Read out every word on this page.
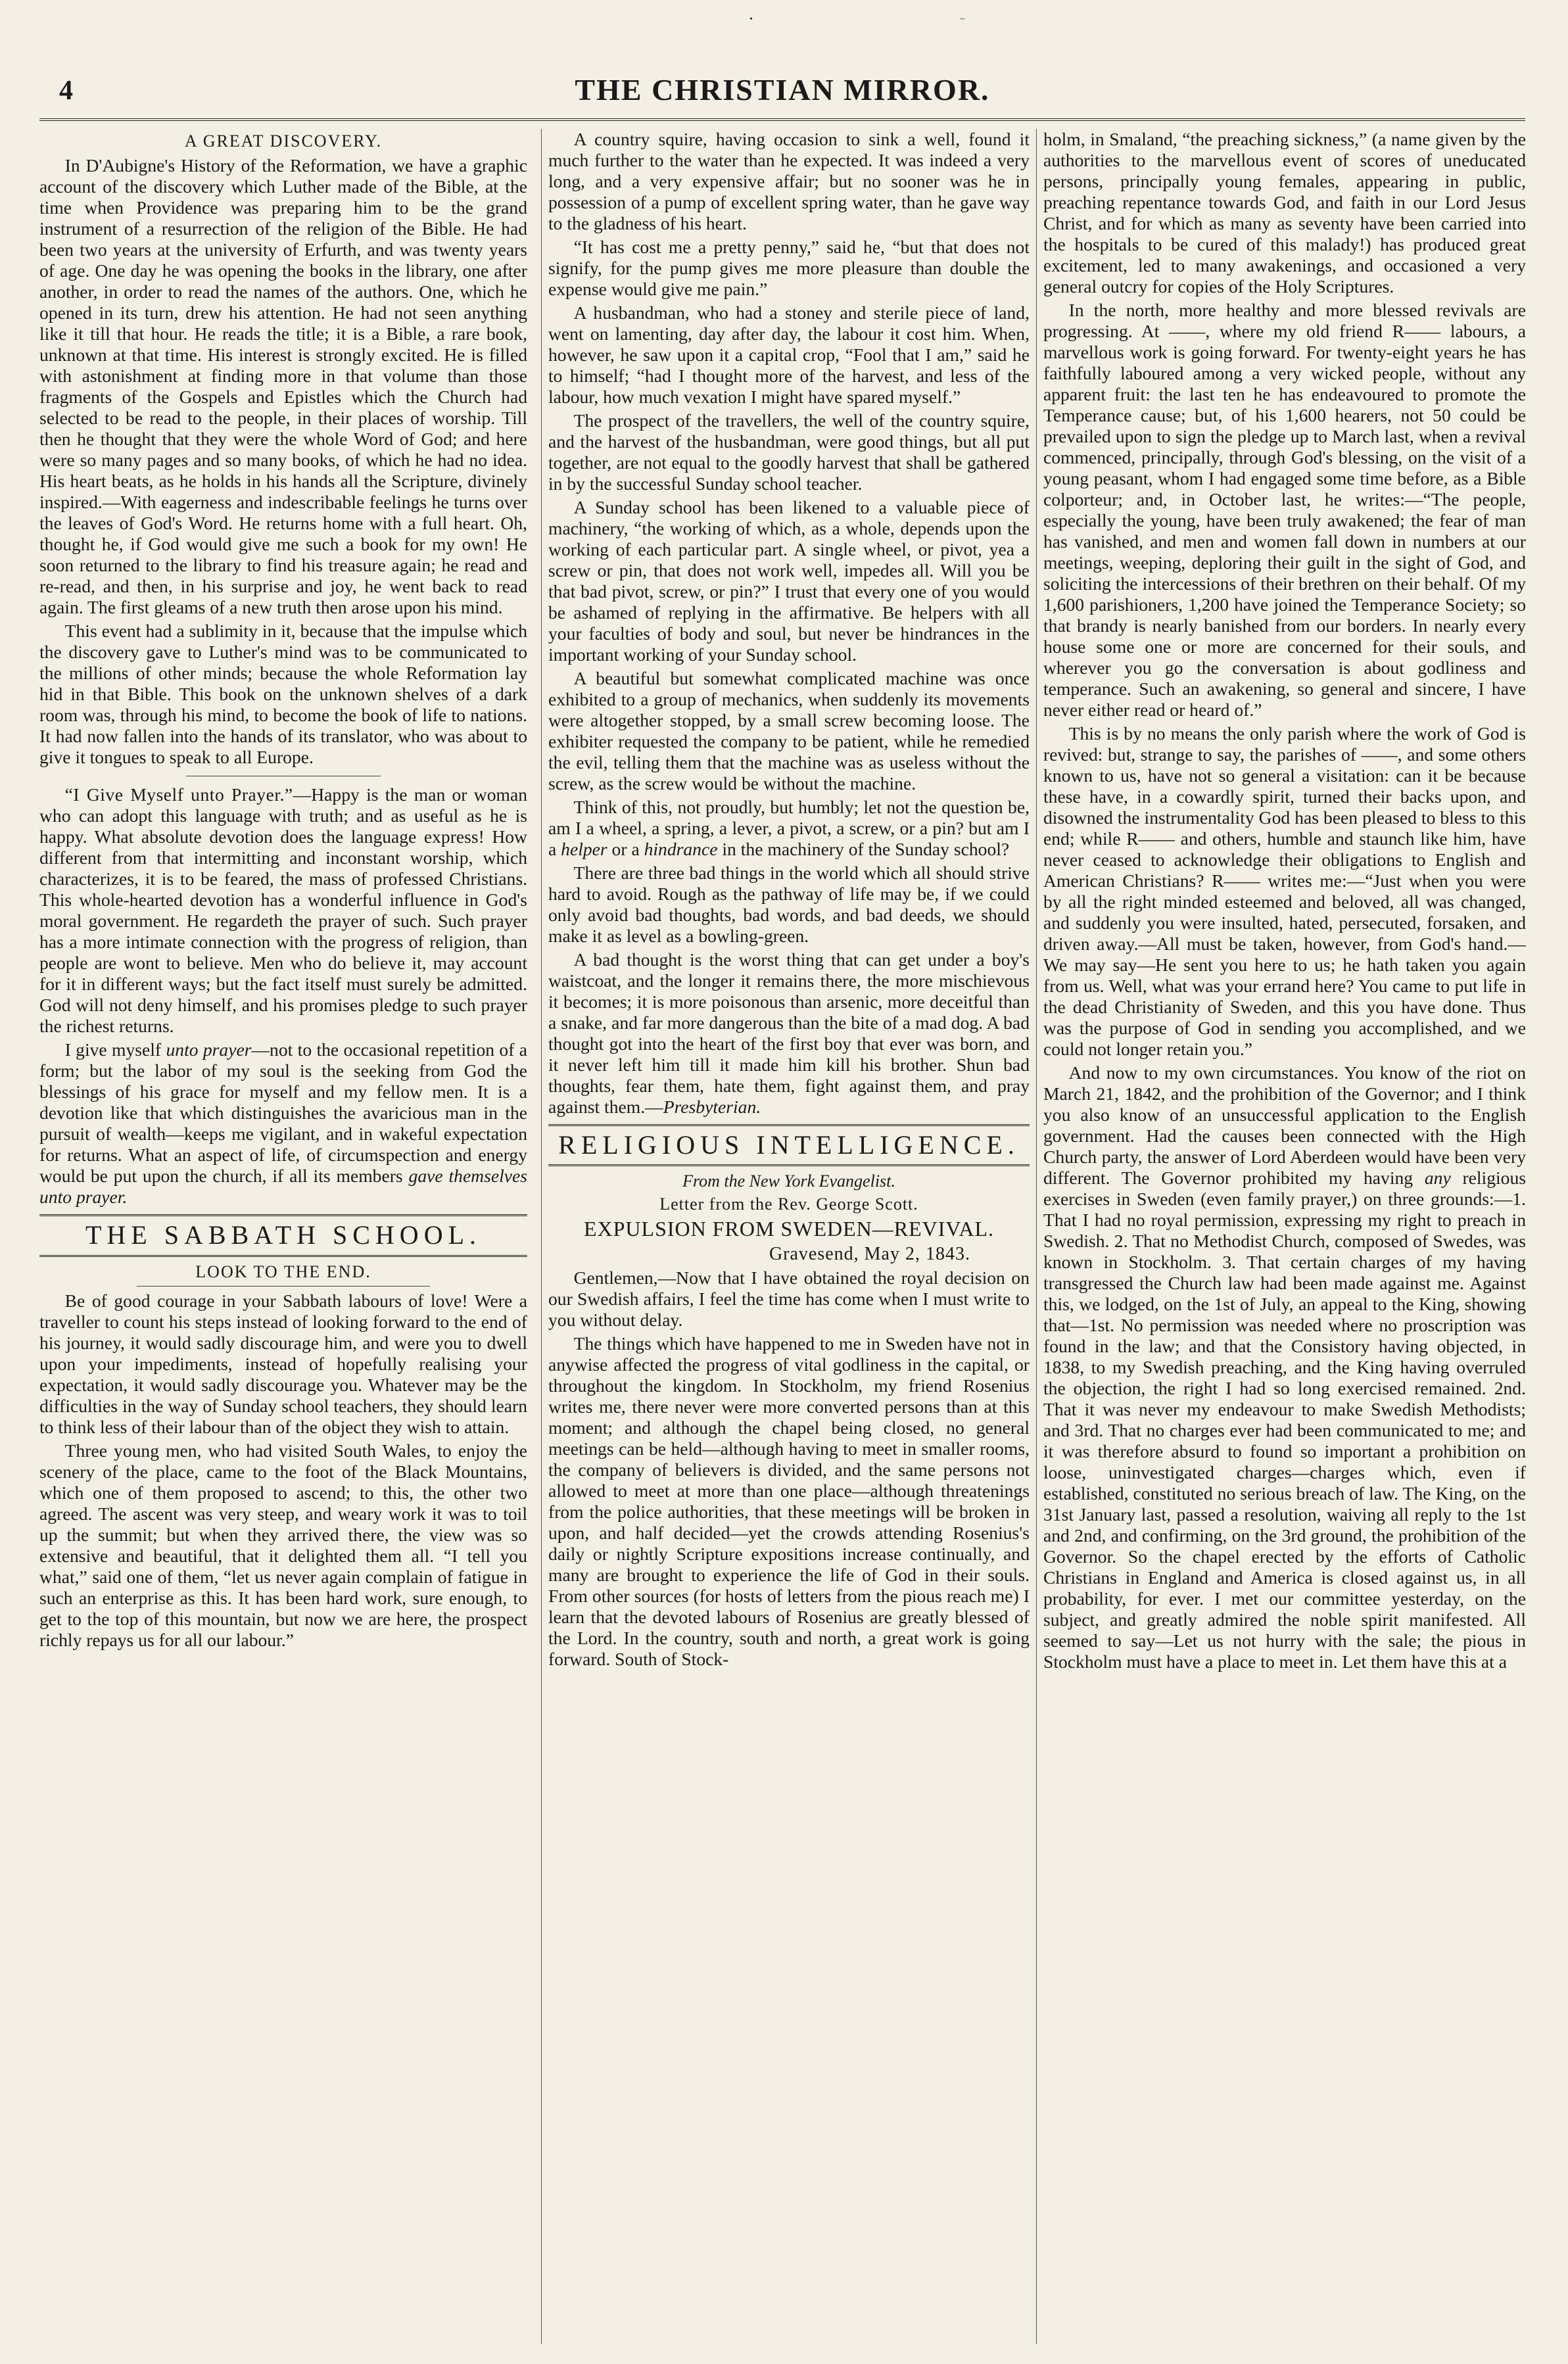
•	~
4	THE CHRISTIAN MIRROR.

A GREAT DISCOVERY.

In D'Aubigne's History of the Reformation, we have a graphic account of the discovery which Luther made of the Bible, at the time when Providence was preparing him to be the grand instrument of a resurrection of the religion of the Bible. He had been two years at the university of Erfurth, and was twenty years of age. One day he was opening the books in the library, one after another, in order to read the names of the authors. One, which he opened in its turn, drew his attention. He had not seen anything like it till that hour. He reads the title; it is a Bible, a rare book, unknown at that time. His interest is strongly excited. He is filled with astonishment at finding more in that volume than those fragments of the Gospels and Epistles which the Church had selected to be read to the people, in their places of worship. Till then he thought that they were the whole Word of God; and here were so many pages and so many books, of which he had no idea. His heart beats, as he holds in his hands all the Scripture, divinely inspired.—With eagerness and indescribable feelings he turns over the leaves of God's Word. He returns home with a full heart. Oh, thought he, if God would give me such a book for my own! He soon returned to the library to find his treasure again; he read and re-read, and then, in his surprise and joy, he went back to read again. The first gleams of a new truth then arose upon his mind.

This event had a sublimity in it, because that the impulse which the discovery gave to Luther's mind was to be communicated to the millions of other minds; because the whole Reformation lay hid in that Bible. This book on the unknown shelves of a dark room was, through his mind, to become the book of life to nations. It had now fallen into the hands of its translator, who was about to give it tongues to speak to all Europe.

“I Give Myself unto Prayer.”—Happy is the man or woman who can adopt this language with truth; and as useful as he is happy. What absolute devotion does the language express! How different from that intermitting and inconstant worship, which characterizes, it is to be feared, the mass of professed Christians. This whole-hearted devotion has a wonderful influence in God's moral government. He regardeth the prayer of such. Such prayer has a more intimate connection with the progress of religion, than people are wont to believe. Men who do believe it, may account for it in different ways; but the fact itself must surely be admitted. God will not deny himself, and his promises pledge to such prayer the richest returns.

I give myself unto prayer—not to the occasional repetition of a form; but the labor of my soul is the seeking from God the blessings of his grace for myself and my fellow men. It is a devotion like that which distinguishes the avaricious man in the pursuit of wealth—keeps me vigilant, and in wakeful expectation for returns. What an aspect of life, of circumspection and energy would be put upon the church, if all its members gave themselves unto prayer.

THE SABBATH SCHOOL.

LOOK TO THE END.

Be of good courage in your Sabbath labours of love! Were a traveller to count his steps instead of looking forward to the end of his journey, it would sadly discourage him, and were you to dwell upon your impediments, instead of hopefully realising your expectation, it would sadly discourage you. Whatever may be the difficulties in the way of Sunday school teachers, they should learn to think less of their labour than of the object they wish to attain.

Three young men, who had visited South Wales, to enjoy the scenery of the place, came to the foot of the Black Mountains, which one of them proposed to ascend; to this, the other two agreed. The ascent was very steep, and weary work it was to toil up the summit; but when they arrived there, the view was so extensive and beautiful, that it delighted them all. “I tell you what,” said one of them, “let us never again complain of fatigue in such an enterprise as this. It has been hard work, sure enough, to get to the top of this mountain, but now we are here, the prospect richly repays us for all our labour.”

A country squire, having occasion to sink a well, found it much further to the water than he expected. It was indeed a very long, and a very expensive affair; but no sooner was he in possession of a pump of excellent spring water, than he gave way to the gladness of his heart.

“It has cost me a pretty penny,” said he, “but that does not signify, for the pump gives me more pleasure than double the expense would give me pain.”

A husbandman, who had a stoney and sterile piece of land, went on lamenting, day after day, the labour it cost him. When, however, he saw upon it a capital crop, “Fool that I am,” said he to himself; “had I thought more of the harvest, and less of the labour, how much vexation I might have spared myself.”

The prospect of the travellers, the well of the country squire, and the harvest of the husbandman, were good things, but all put together, are not equal to the goodly harvest that shall be gathered in by the successful Sunday school teacher.

A Sunday school has been likened to a valuable piece of machinery, “the working of which, as a whole, depends upon the working of each particular part. A single wheel, or pivot, yea a screw or pin, that does not work well, impedes all. Will you be that bad pivot, screw, or pin?” I trust that every one of you would be ashamed of replying in the affirmative. Be helpers with all your faculties of body and soul, but never be hindrances in the important working of your Sunday school.

A beautiful but somewhat complicated machine was once exhibited to a group of mechanics, when suddenly its movements were altogether stopped, by a small screw becoming loose. The exhibiter requested the company to be patient, while he remedied the evil, telling them that the machine was as useless without the screw, as the screw would be without the machine.

Think of this, not proudly, but humbly; let not the question be, am I a wheel, a spring, a lever, a pivot, a screw, or a pin? but am I a helper or a hindrance in the machinery of the Sunday school?

There are three bad things in the world which all should strive hard to avoid. Rough as the pathway of life may be, if we could only avoid bad thoughts, bad words, and bad deeds, we should make it as level as a bowling-green.

A bad thought is the worst thing that can get under a boy's waistcoat, and the longer it remains there, the more mischievous it becomes; it is more poisonous than arsenic, more deceitful than a snake, and far more dangerous than the bite of a mad dog. A bad thought got into the heart of the first boy that ever was born, and it never left him till it made him kill his brother. Shun bad thoughts, fear them, hate them, fight against them, and pray against them.—Presbyterian.

RELIGIOUS INTELLIGENCE.

From the New York Evangelist.

Letter from the Rev. George Scott.

EXPULSION FROM SWEDEN—REVIVAL.

Gravesend, May 2, 1843.

Gentlemen,—Now that I have obtained the royal decision on our Swedish affairs, I feel the time has come when I must write to you without delay.

The things which have happened to me in Sweden have not in anywise affected the progress of vital godliness in the capital, or throughout the kingdom. In Stockholm, my friend Rosenius writes me, there never were more converted persons than at this moment; and although the chapel being closed, no general meetings can be held—although having to meet in smaller rooms, the company of believers is divided, and the same persons not allowed to meet at more than one place—although threatenings from the police authorities, that these meetings will be broken in upon, and half decided—yet the crowds attending Rosenius's daily or nightly Scripture expositions increase continually, and many are brought to experience the life of God in their souls. From other sources (for hosts of letters from the pious reach me) I learn that the devoted labours of Rosenius are greatly blessed of the Lord. In the country, south and north, a great work is going forward. South of Stock-

holm, in Smaland, “the preaching sickness,” (a name given by the authorities to the marvellous event of scores of uneducated persons, principally young females, appearing in public, preaching repentance towards God, and faith in our Lord Jesus Christ, and for which as many as seventy have been carried into the hospitals to be cured of this malady!) has produced great excitement, led to many awakenings, and occasioned a very general outcry for copies of the Holy Scriptures.

In the north, more healthy and more blessed revivals are progressing. At ——, where my old friend R—— labours, a marvellous work is going forward. For twenty-eight years he has faithfully laboured among a very wicked people, without any apparent fruit: the last ten he has endeavoured to promote the Temperance cause; but, of his 1,600 hearers, not 50 could be prevailed upon to sign the pledge up to March last, when a revival commenced, principally, through God's blessing, on the visit of a young peasant, whom I had engaged some time before, as a Bible colporteur; and, in October last, he writes:—“The people, especially the young, have been truly awakened; the fear of man has vanished, and men and women fall down in numbers at our meetings, weeping, deploring their guilt in the sight of God, and soliciting the intercessions of their brethren on their behalf. Of my 1,600 parishioners, 1,200 have joined the Temperance Society; so that brandy is nearly banished from our borders. In nearly every house some one or more are concerned for their souls, and wherever you go the conversation is about godliness and temperance. Such an awakening, so general and sincere, I have never either read or heard of.”

This is by no means the only parish where the work of God is revived: but, strange to say, the parishes of ——, and some others known to us, have not so general a visitation: can it be because these have, in a cowardly spirit, turned their backs upon, and disowned the instrumentality God has been pleased to bless to this end; while R—— and others, humble and staunch like him, have never ceased to acknowledge their obligations to English and American Christians? R—— writes me:—“Just when you were by all the right minded esteemed and beloved, all was changed, and suddenly you were insulted, hated, persecuted, forsaken, and driven away.—All must be taken, however, from God's hand.—We may say—He sent you here to us; he hath taken you again from us. Well, what was your errand here? You came to put life in the dead Christianity of Sweden, and this you have done. Thus was the purpose of God in sending you accomplished, and we could not longer retain you.”

And now to my own circumstances. You know of the riot on March 21, 1842, and the prohibition of the Governor; and I think you also know of an unsuccessful application to the English government. Had the causes been connected with the High Church party, the answer of Lord Aberdeen would have been very different. The Governor prohibited my having any religious exercises in Sweden (even family prayer,) on three grounds:—1. That I had no royal permission, expressing my right to preach in Swedish. 2. That no Methodist Church, composed of Swedes, was known in Stockholm. 3. That certain charges of my having transgressed the Church law had been made against me. Against this, we lodged, on the 1st of July, an appeal to the King, showing that—1st. No permission was needed where no proscription was found in the law; and that the Consistory having objected, in 1838, to my Swedish preaching, and the King having overruled the objection, the right I had so long exercised remained. 2nd. That it was never my endeavour to make Swedish Methodists; and 3rd. That no charges ever had been communicated to me; and it was therefore absurd to found so important a prohibition on loose, uninvestigated charges—charges which, even if established, constituted no serious breach of law. The King, on the 31st January last, passed a resolution, waiving all reply to the 1st and 2nd, and confirming, on the 3rd ground, the prohibition of the Governor. So the chapel erected by the efforts of Catholic Christians in England and America is closed against us, in all probability, for ever. I met our committee yesterday, on the subject, and greatly admired the noble spirit manifested. All seemed to say—Let us not hurry with the sale; the pious in Stockholm must have a place to meet in. Let them have this at a
